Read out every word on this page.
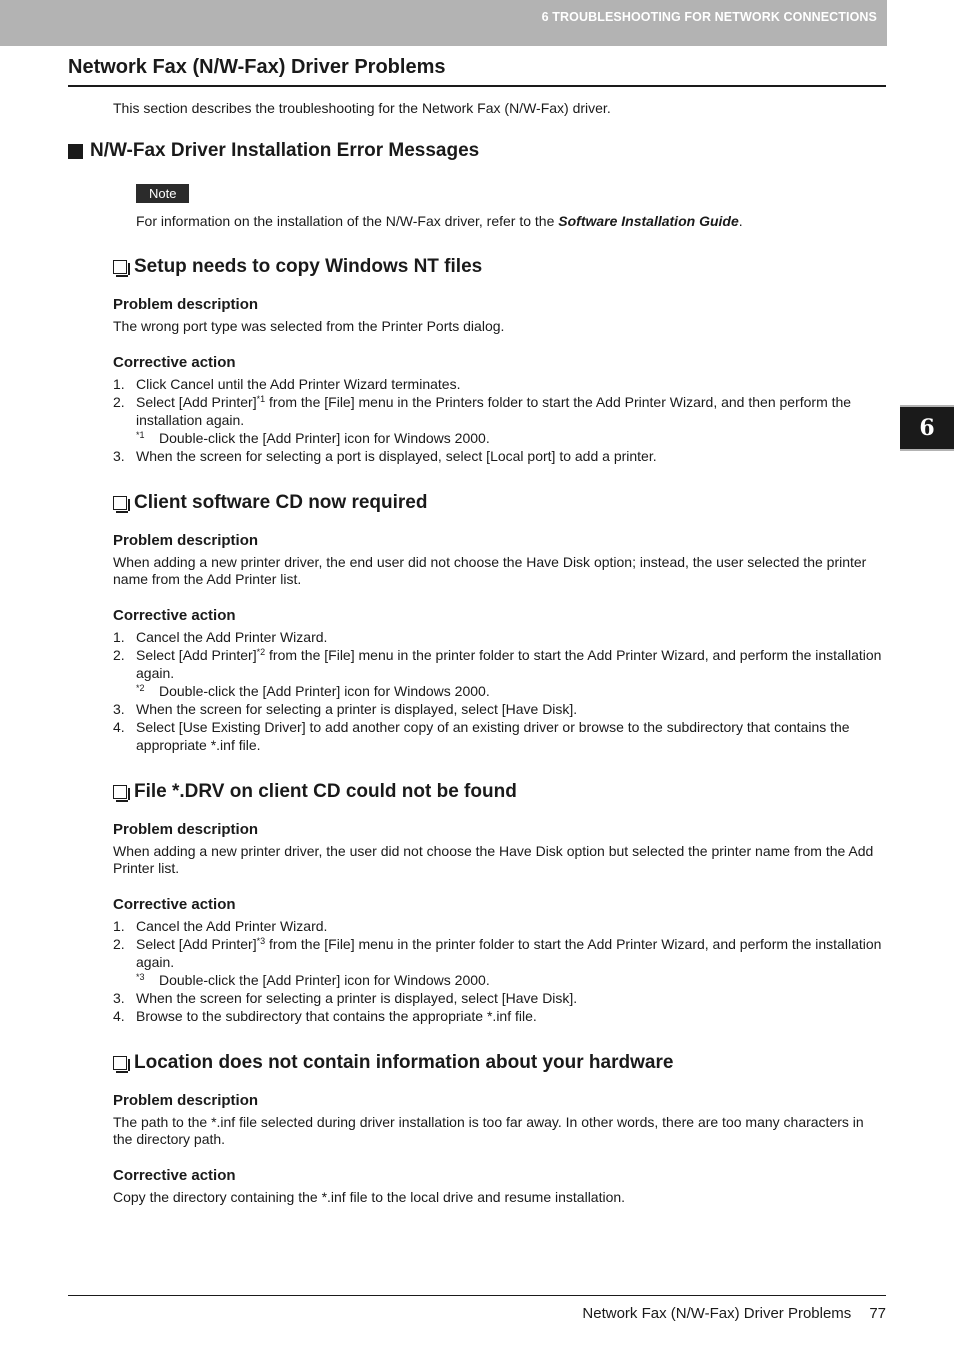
6 TROUBLESHOOTING FOR NETWORK CONNECTIONS
6
Network Fax (N/W-Fax) Driver Problems
This section describes the troubleshooting for the Network Fax (N/W-Fax) driver.
N/W-Fax Driver Installation Error Messages
Note
For information on the installation of the N/W-Fax driver, refer to the Software Installation Guide.
Setup needs to copy Windows NT files
Problem description
The wrong port type was selected from the Printer Ports dialog.
Corrective action
1. Click Cancel until the Add Printer Wizard terminates.
2. Select [Add Printer]$^{*1}$ from the [File] menu in the Printers folder to start the Add Printer Wizard, and then perform the installation again.
$^{*1}$	Double-click the [Add Printer] icon for Windows 2000.
3. When the screen for selecting a port is displayed, select [Local port] to add a printer.
Client software CD now required
Problem description
When adding a new printer driver, the end user did not choose the Have Disk option; instead, the user selected the printer name from the Add Printer list.
Corrective action
1. Cancel the Add Printer Wizard.
2. Select [Add Printer]$^{*2}$ from the [File] menu in the printer folder to start the Add Printer Wizard, and perform the installation again.
$^{*2}$	Double-click the [Add Printer] icon for Windows 2000.
3. When the screen for selecting a printer is displayed, select [Have Disk].
4. Select [Use Existing Driver] to add another copy of an existing driver or browse to the subdirectory that contains the appropriate *.inf file.
File *.DRV on client CD could not be found
Problem description
When adding a new printer driver, the user did not choose the Have Disk option but selected the printer name from the Add Printer list.
Corrective action
1. Cancel the Add Printer Wizard.
2. Select [Add Printer]$^{*3}$ from the [File] menu in the printer folder to start the Add Printer Wizard, and perform the installation again.
$^{*3}$	Double-click the [Add Printer] icon for Windows 2000.
3. When the screen for selecting a printer is displayed, select [Have Disk].
4. Browse to the subdirectory that contains the appropriate *.inf file.
Location does not contain information about your hardware
Problem description
The path to the *.inf file selected during driver installation is too far away. In other words, there are too many characters in the directory path.
Corrective action
Copy the directory containing the *.inf file to the local drive and resume installation.
Network Fax (N/W-Fax) Driver Problems 77
